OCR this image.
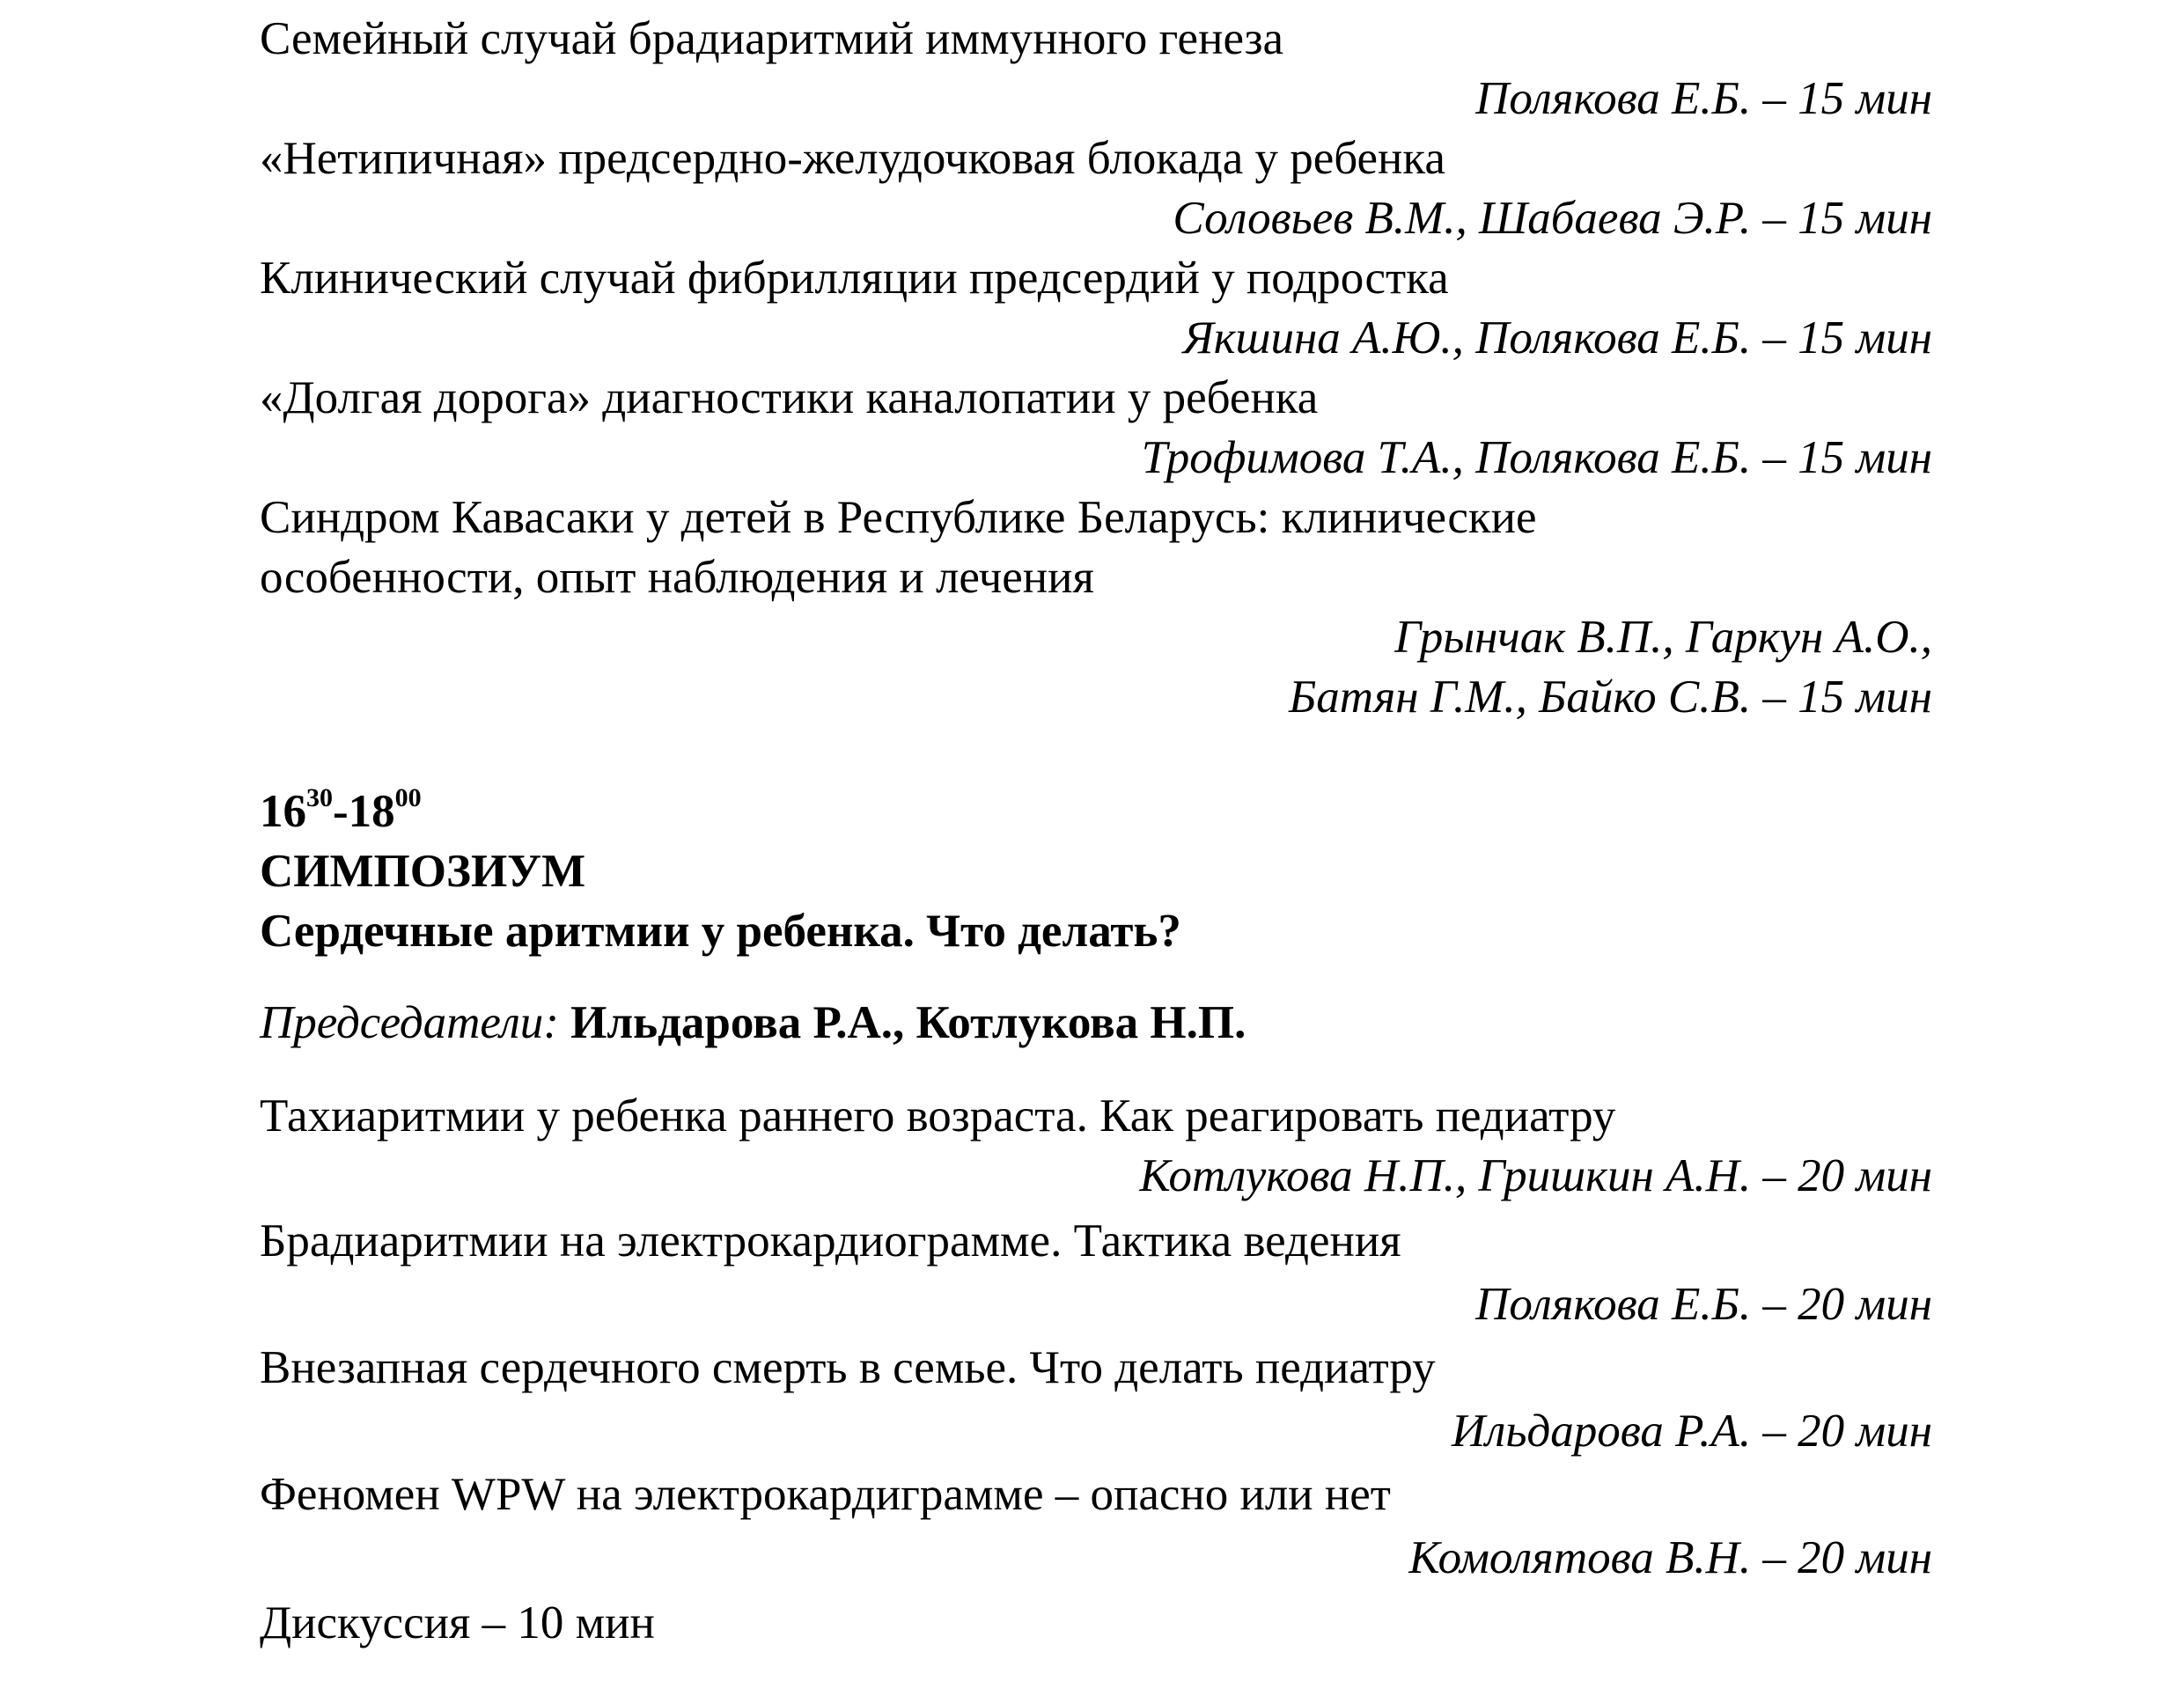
Семейный случай брадиаритмий иммунного генеза
Полякова Е.Б. – 15 мин
«Нетипичная» предсердно-желудочковая блокада у ребенка
Соловьев В.М., Шабаева Э.Р. – 15 мин
Клинический случай фибрилляции предсердий у подростка
Якшина А.Ю., Полякова Е.Б. – 15 мин
«Долгая дорога» диагностики каналопатии у ребенка
Трофимова Т.А., Полякова Е.Б. – 15 мин
Синдром Кавасаки у детей в Республике Беларусь: клинические
особенности, опыт наблюдения и лечения
Грынчак В.П., Гаркун А.О.,
Батян Г.М., Байко С.В. – 15 мин
$16^{30}-18^{00}$
СИМПОЗИУМ
Сердечные аритмии у ребенка. Что делать?
Председатели: Ильдарова Р.А., Котлукова Н.П.
Тахиаритмии у ребенка раннего возраста. Как реагировать педиатру
Котлукова Н.П., Гришкин А.Н. – 20 мин
Брадиаритмии на электрокардиограмме. Тактика ведения
Полякова Е.Б. – 20 мин
Внезапная сердечного смерть в семье. Что делать педиатру
Ильдарова Р.А. – 20 мин
Феномен WPW на электрокардиграмме – опасно или нет
Комолятова В.Н. – 20 мин
Дискуссия – 10 мин
